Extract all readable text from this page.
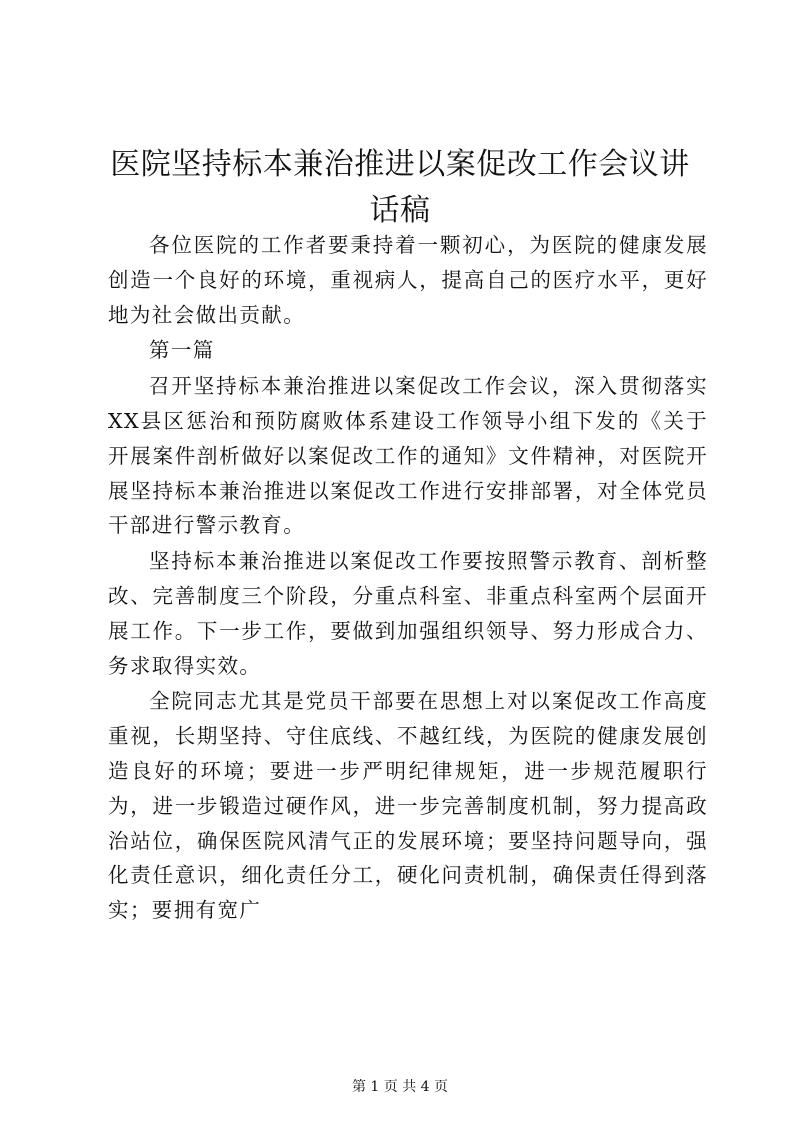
医院坚持标本兼治推进以案促改工作会议讲话稿

各位医院的工作者要秉持着一颗初心，为医院的健康发展创造一个良好的环境，重视病人，提高自己的医疗水平，更好地为社会做出贡献。

第一篇

召开坚持标本兼治推进以案促改工作会议，深入贯彻落实XX县区惩治和预防腐败体系建设工作领导小组下发的《关于开展案件剖析做好以案促改工作的通知》文件精神，对医院开展坚持标本兼治推进以案促改工作进行安排部署，对全体党员干部进行警示教育。

坚持标本兼治推进以案促改工作要按照警示教育、剖析整改、完善制度三个阶段，分重点科室、非重点科室两个层面开展工作。下一步工作，要做到加强组织领导、努力形成合力、务求取得实效。

全院同志尤其是党员干部要在思想上对以案促改工作高度重视，长期坚持、守住底线、不越红线，为医院的健康发展创造良好的环境；要进一步严明纪律规矩，进一步规范履职行为，进一步锻造过硬作风，进一步完善制度机制，努力提高政治站位，确保医院风清气正的发展环境；要坚持问题导向，强化责任意识，细化责任分工，硬化问责机制，确保责任得到落实；要拥有宽广

第 1 页 共 4 页
